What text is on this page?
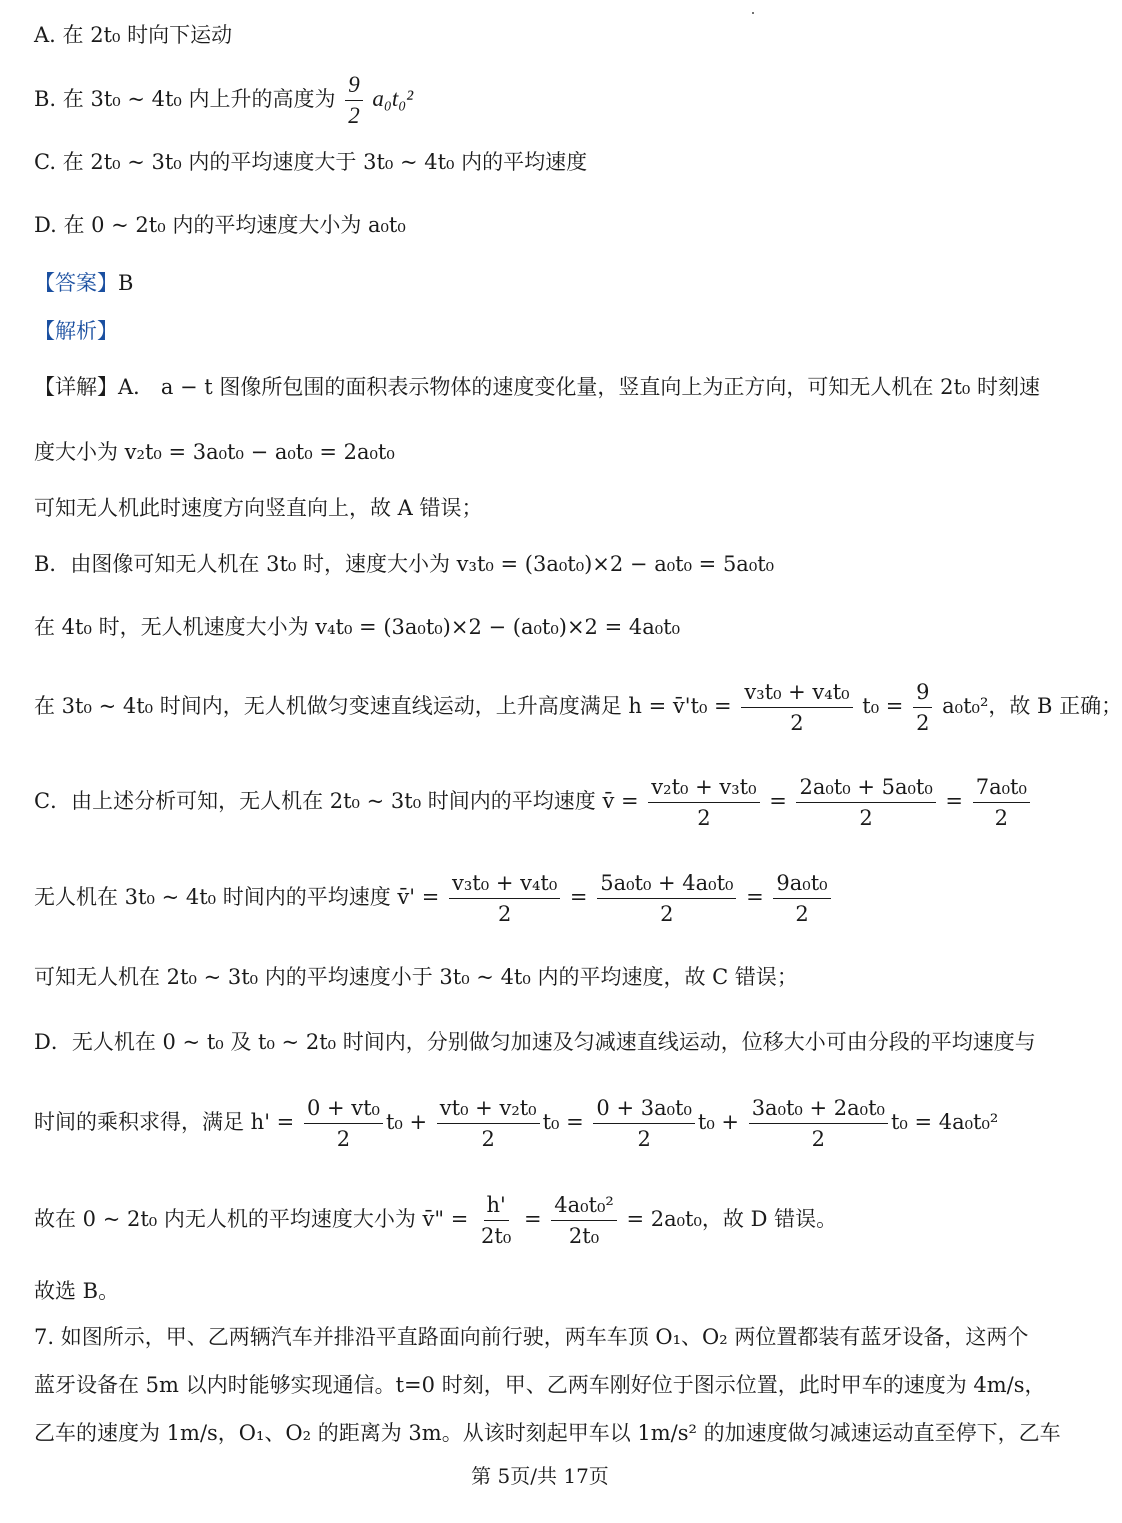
A. 在 2t₀ 时向下运动
B. 在 3t₀ ~ 4t₀ 内上升的高度为 $\frac{9}{2} a_0t_0^2$
C. 在 2t₀ ~ 3t₀ 内的平均速度大于 3t₀ ~ 4t₀ 内的平均速度
D. 在 0 ~ 2t₀ 内的平均速度大小为 a₀t₀
【答案】B
【解析】
【详解】A． a − t 图像所包围的面积表示物体的速度变化量，竖直向上为正方向，可知无人机在 2t₀ 时刻速
度大小为 v₂t₀ = 3a₀t₀ − a₀t₀ = 2a₀t₀
可知无人机此时速度方向竖直向上，故 A 错误；
B．由图像可知无人机在 3t₀ 时，速度大小为 v₃t₀ = (3a₀t₀)×2 − a₀t₀ = 5a₀t₀
在 4t₀ 时，无人机速度大小为 v₄t₀ = (3a₀t₀)×2 − (a₀t₀)×2 = 4a₀t₀
在 3t₀ ~ 4t₀ 时间内，无人机做匀变速直线运动，上升高度满足 h = v̄'t₀ = $\frac{\text{v₃t₀ + v₄t₀}}{2} t_0 = \frac{9}{2} a_0t_0^2$，故 B 正确；
C．由上述分析可知，无人机在 2t₀ ~ 3t₀ 时间内的平均速度 v̄ = $\frac{\text{v₂t₀ + v₃t₀}}{2} = \frac{\text{2a₀t₀ + 5a₀t₀}}{2} = \frac{\text{7a₀t₀}}{2}$
无人机在 3t₀ ~ 4t₀ 时间内的平均速度 v̄' = $\frac{\text{v₃t₀ + v₄t₀}}{2} = \frac{\text{5a₀t₀ + 4a₀t₀}}{2} = \frac{\text{9a₀t₀}}{2}$
可知无人机在 2t₀ ~ 3t₀ 内的平均速度小于 3t₀ ~ 4t₀ 内的平均速度，故 C 错误；
D．无人机在 0 ~ t₀ 及 t₀ ~ 2t₀ 时间内，分别做匀加速及匀减速直线运动，位移大小可由分段的平均速度与
时间的乘积求得，满足 $h' = \frac{\text{0 + vt₀}}{2} t_0 + \frac{\text{vt₀ + v₂t₀}}{2} t_0 = \frac{\text{0 + 3a₀t₀}}{2} t_0 + \frac{\text{3a₀t₀ + 2a₀t₀}}{2} t_0 = 4a_0t_0^2$
故在 0 ~ 2t₀ 内无人机的平均速度大小为 v̄" = $\frac{h'}{\text{2t₀}} = \frac{\text{4a₀t₀²}}{\text{2t₀}} = 2a_0t_0$，故 D 错误。
故选 B。
7. 如图所示，甲、乙两辆汽车并排沿平直路面向前行驶，两车车顶 O₁、O₂ 两位置都装有蓝牙设备，这两个
蓝牙设备在 5m 以内时能够实现通信。t=0 时刻，甲、乙两车刚好位于图示位置，此时甲车的速度为 4m/s，
乙车的速度为 1m/s，O₁、O₂ 的距离为 3m。从该时刻起甲车以 1m/s² 的加速度做匀减速运动直至停下，乙车
第 5页/共 17页
